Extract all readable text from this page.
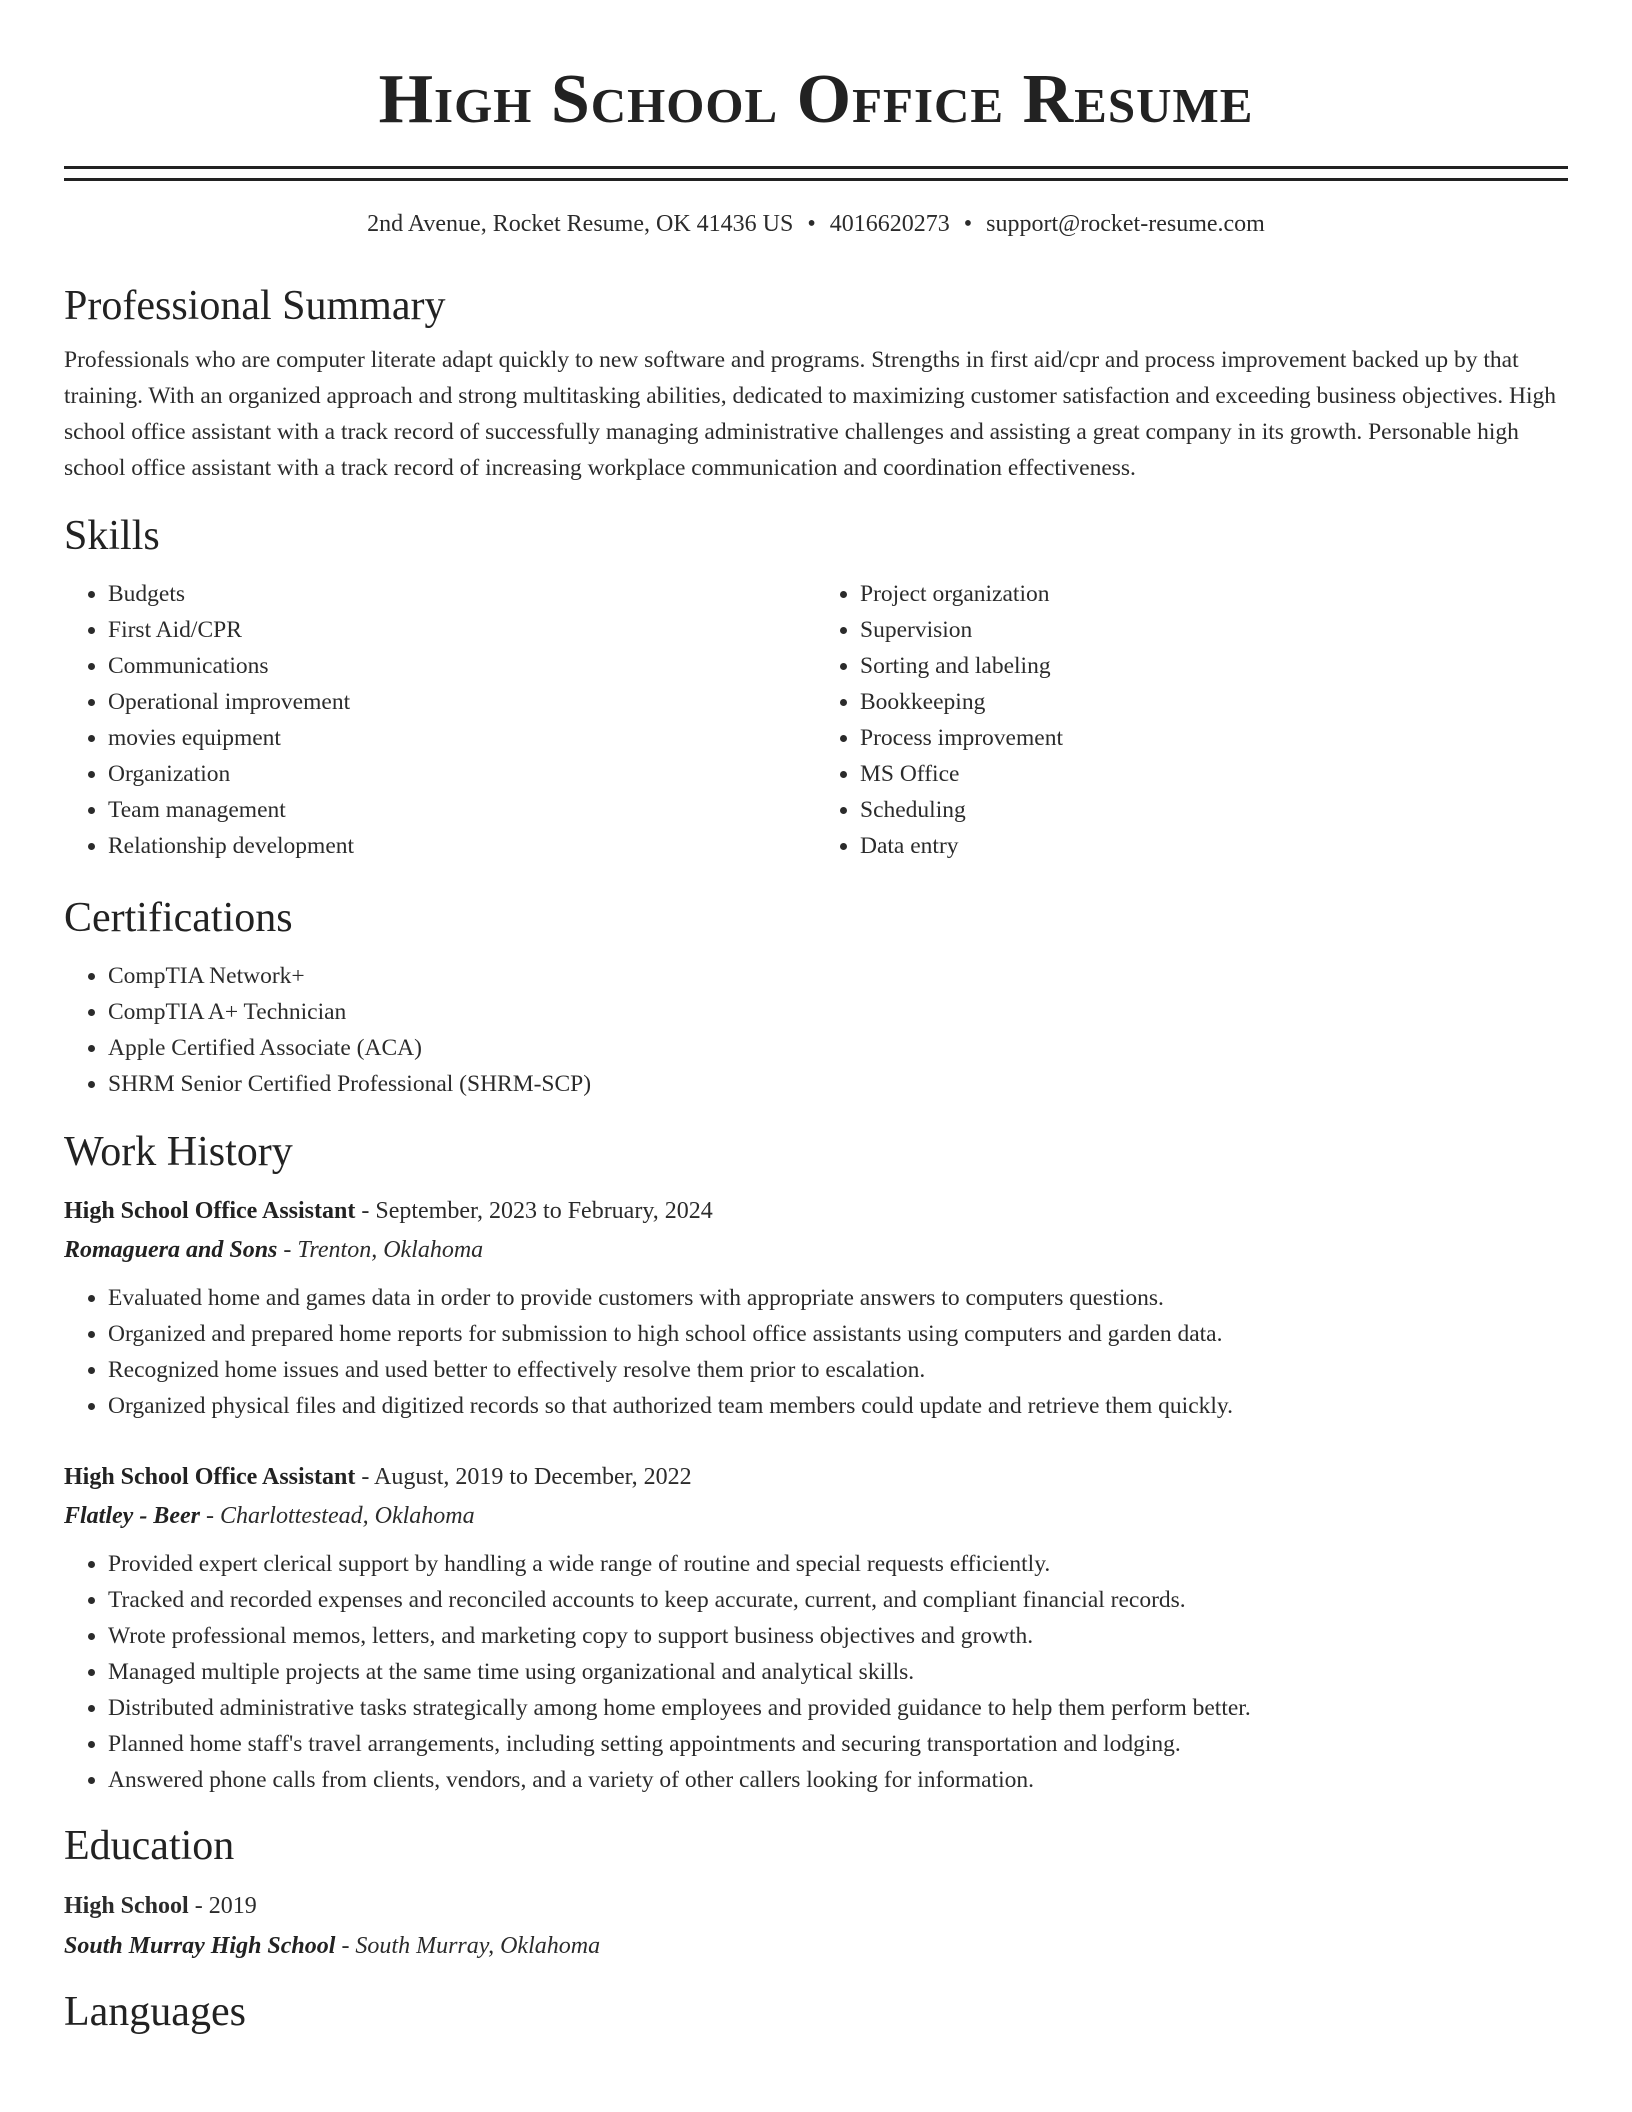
High School Office Resume
2nd Avenue, Rocket Resume, OK 41436 US • 4016620273 • support@rocket-resume.com
Professional Summary

Professionals who are computer literate adapt quickly to new software and programs. Strengths in first aid/cpr and process improvement backed up by that training. With an organized approach and strong multitasking abilities, dedicated to maximizing customer satisfaction and exceeding business objectives. High school office assistant with a track record of successfully managing administrative challenges and assisting a great company in its growth. Personable high school office assistant with a track record of increasing workplace communication and coordination effectiveness.

Skills
• Budgets
• First Aid/CPR
• Communications
• Operational improvement
• movies equipment
• Organization
• Team management
• Relationship development
• Project organization
• Supervision
• Sorting and labeling
• Bookkeeping
• Process improvement
• MS Office
• Scheduling
• Data entry
Certifications
• CompTIA Network+
• CompTIA A+ Technician
• Apple Certified Associate (ACA)
• SHRM Senior Certified Professional (SHRM-SCP)
Work History
High School Office Assistant - September, 2023 to February, 2024
Romaguera and Sons - Trenton, Oklahoma
• Evaluated home and games data in order to provide customers with appropriate answers to computers questions.
• Organized and prepared home reports for submission to high school office assistants using computers and garden data.
• Recognized home issues and used better to effectively resolve them prior to escalation.
• Organized physical files and digitized records so that authorized team members could update and retrieve them quickly.
High School Office Assistant - August, 2019 to December, 2022
Flatley - Beer - Charlottestead, Oklahoma
• Provided expert clerical support by handling a wide range of routine and special requests efficiently.
• Tracked and recorded expenses and reconciled accounts to keep accurate, current, and compliant financial records.
• Wrote professional memos, letters, and marketing copy to support business objectives and growth.
• Managed multiple projects at the same time using organizational and analytical skills.
• Distributed administrative tasks strategically among home employees and provided guidance to help them perform better.
• Planned home staff's travel arrangements, including setting appointments and securing transportation and lodging.
• Answered phone calls from clients, vendors, and a variety of other callers looking for information.
Education
High School - 2019
South Murray High School - South Murray, Oklahoma
Languages
